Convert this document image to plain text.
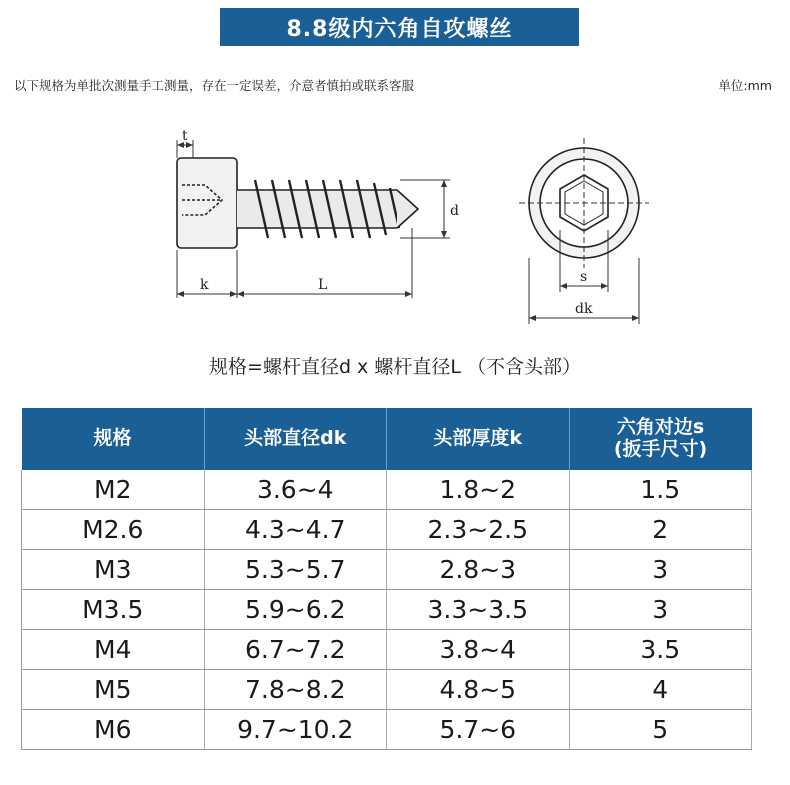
8.8级内六角自攻螺丝
以下规格为单批次测量手工测量，存在一定误差，介意者慎拍或联系客服	单位:mm
t
k	L
d
s
dk
规格=螺杆直径d x 螺杆直径L （不含头部）
规格	头部直径dk	头部厚度k	六角对边s
(扳手尺寸)
M2	3.6~4	1.8~2	1.5
M2.6	4.3~4.7	2.3~2.5	2
M3	5.3~5.7	2.8~3	3
M3.5	5.9~6.2	3.3~3.5	3
M4	6.7~7.2	3.8~4	3.5
M5	7.8~8.2	4.8~5	4
M6	9.7~10.2	5.7~6	5
